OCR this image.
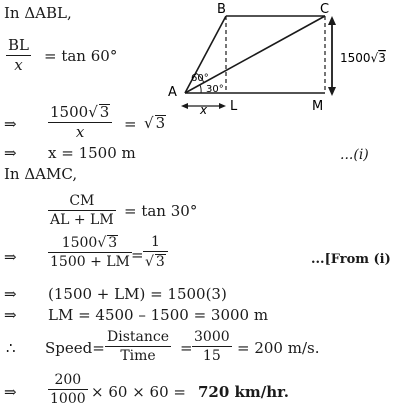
In ΔABL,
BL
x	= tan 60°
⇒
1500√ 3
x	= √ 3
⇒ x = 1500 m	...(i)
In ΔAMC,
CM
AL + LM = tan 30°
⇒
1500√ 3
1500 + LM =
1
√ 3	...[From (i)
⇒ (1500 + LM) = 1500(3)
⇒ LM = 4500 – 1500 = 3000 m
∴ Speed=
Distance
Time	=
3000
15	= 200 m/s.
⇒
200
1000 × 60 × 60 = 720 km/hr.
A
B	C
L	M
60°
30°
x
1500√3
